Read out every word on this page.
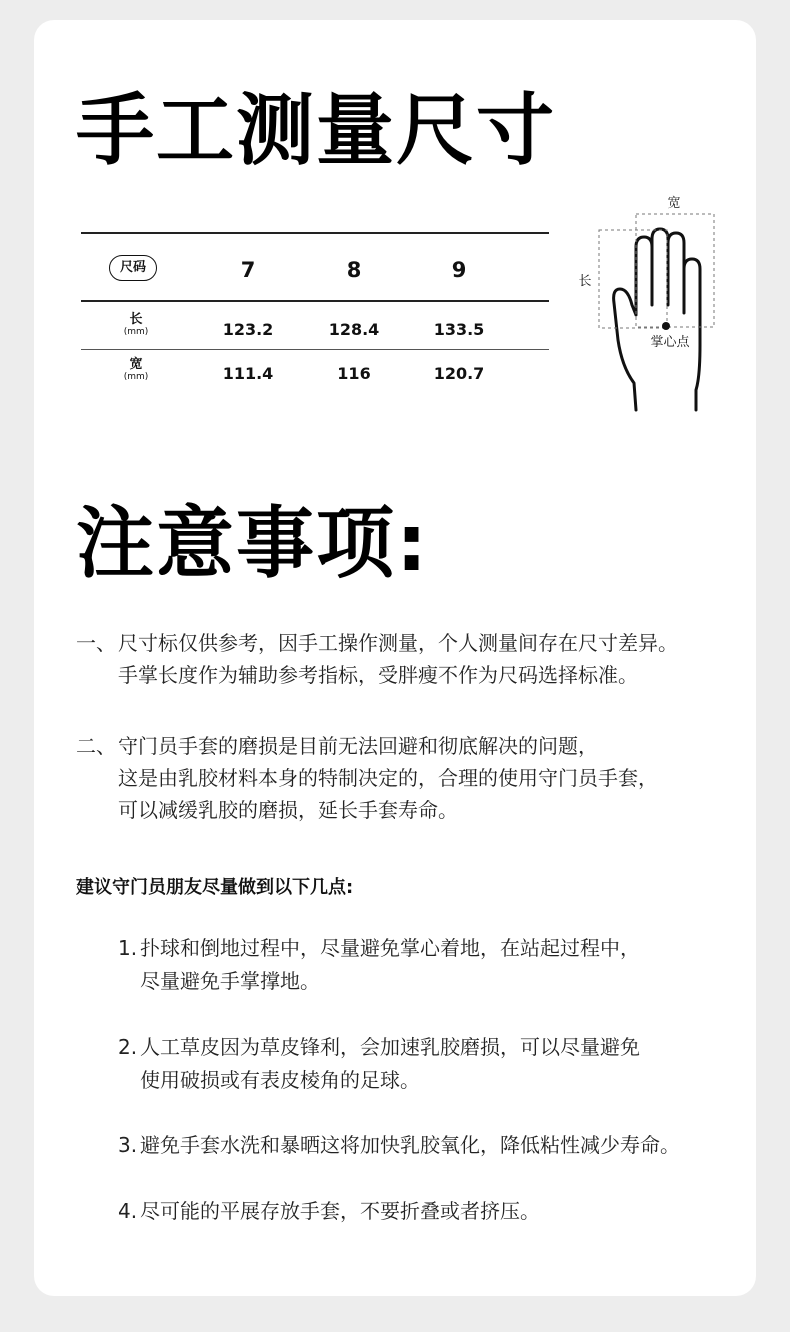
手工测量尺寸
尺码	7	8	9
长
(mm)	123.2	128.4	133.5
宽
(mm)	111.4	116	120.7
宽
长
掌心点
注意事项:
一、 尺寸标仅供参考，因手工操作测量，个人测量间存在尺寸差异。
手掌长度作为辅助参考指标，受胖瘦不作为尺码选择标准。
二、 守门员手套的磨损是目前无法回避和彻底解决的问题，
这是由乳胶材料本身的特制决定的，合理的使用守门员手套，
可以减缓乳胶的磨损，延长手套寿命。
建议守门员朋友尽量做到以下几点:
1. 扑球和倒地过程中，尽量避免掌心着地，在站起过程中，
尽量避免手掌撑地。
2. 人工草皮因为草皮锋利，会加速乳胶磨损，可以尽量避免
使用破损或有表皮棱角的足球。
3. 避免手套水洗和暴晒这将加快乳胶氧化，降低粘性减少寿命。
4. 尽可能的平展存放手套，不要折叠或者挤压。
